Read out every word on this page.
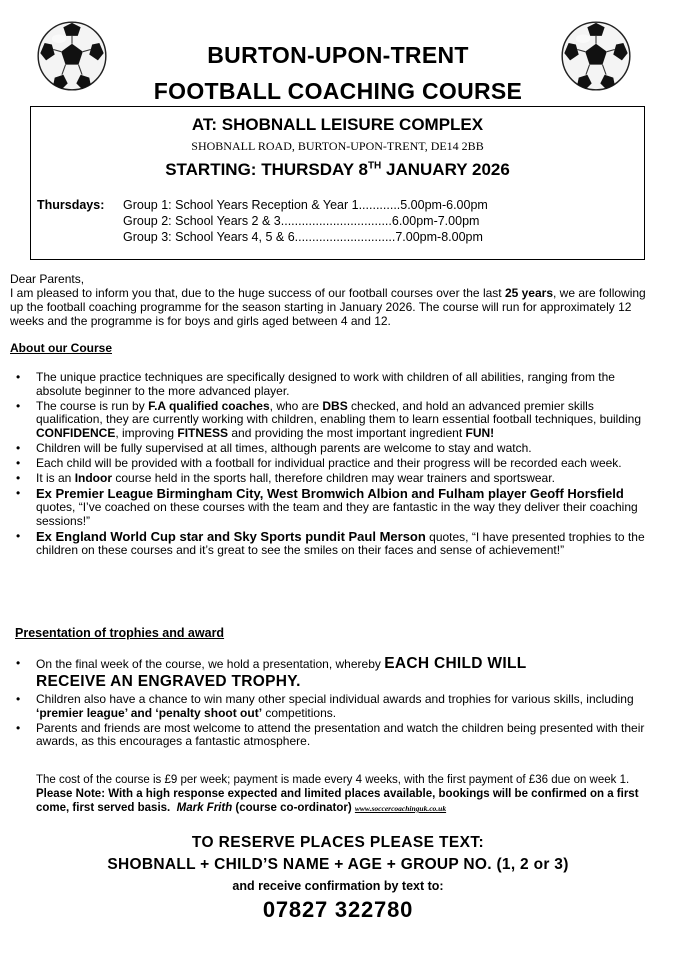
BURTON-UPON-TRENT
FOOTBALL COACHING COURSE
AT: SHOBNALL LEISURE COMPLEX
SHOBNALL ROAD, BURTON-UPON-TRENT, DE14 2BB
STARTING: THURSDAY 8TH JANUARY 2026
Thursdays: Group 1: School Years Reception & Year 1............5.00pm-6.00pm
Group 2: School Years 2 & 3................................6.00pm-7.00pm
Group 3: School Years 4, 5 & 6.............................7.00pm-8.00pm
Dear Parents,
I am pleased to inform you that, due to the huge success of our football courses over the last 25 years, we are following up the football coaching programme for the season starting in January 2026. The course will run for approximately 12 weeks and the programme is for boys and girls aged between 4 and 12.
About our Course
• The unique practice techniques are specifically designed to work with children of all abilities, ranging from the absolute beginner to the more advanced player.
• The course is run by F.A qualified coaches, who are DBS checked, and hold an advanced premier skills qualification, they are currently working with children, enabling them to learn essential football techniques, building CONFIDENCE, improving FITNESS and providing the most important ingredient FUN!
• Children will be fully supervised at all times, although parents are welcome to stay and watch.
• Each child will be provided with a football for individual practice and their progress will be recorded each week.
• It is an Indoor course held in the sports hall, therefore children may wear trainers and sportswear.
• Ex Premier League Birmingham City, West Bromwich Albion and Fulham player Geoff Horsfield quotes, “I’ve coached on these courses with the team and they are fantastic in the way they deliver their coaching sessions!”
• Ex England World Cup star and Sky Sports pundit Paul Merson quotes, “I have presented trophies to the children on these courses and it’s great to see the smiles on their faces and sense of achievement!”
Presentation of trophies and award
• On the final week of the course, we hold a presentation, whereby EACH CHILD WILL
RECEIVE AN ENGRAVED TROPHY.
• Children also have a chance to win many other special individual awards and trophies for various skills, including ‘premier league’ and ‘penalty shoot out’ competitions.
• Parents and friends are most welcome to attend the presentation and watch the children being presented with their awards, as this encourages a fantastic atmosphere.
The cost of the course is £9 per week; payment is made every 4 weeks, with the first payment of £36 due on week 1. Please Note: With a high response expected and limited places available, bookings will be confirmed on a first come, first served basis. Mark Frith (course co-ordinator) www.soccercoachinguk.co.uk
TO RESERVE PLACES PLEASE TEXT:
SHOBNALL + CHILD’S NAME + AGE + GROUP NO. (1, 2 or 3)
and receive confirmation by text to:
07827 322780
